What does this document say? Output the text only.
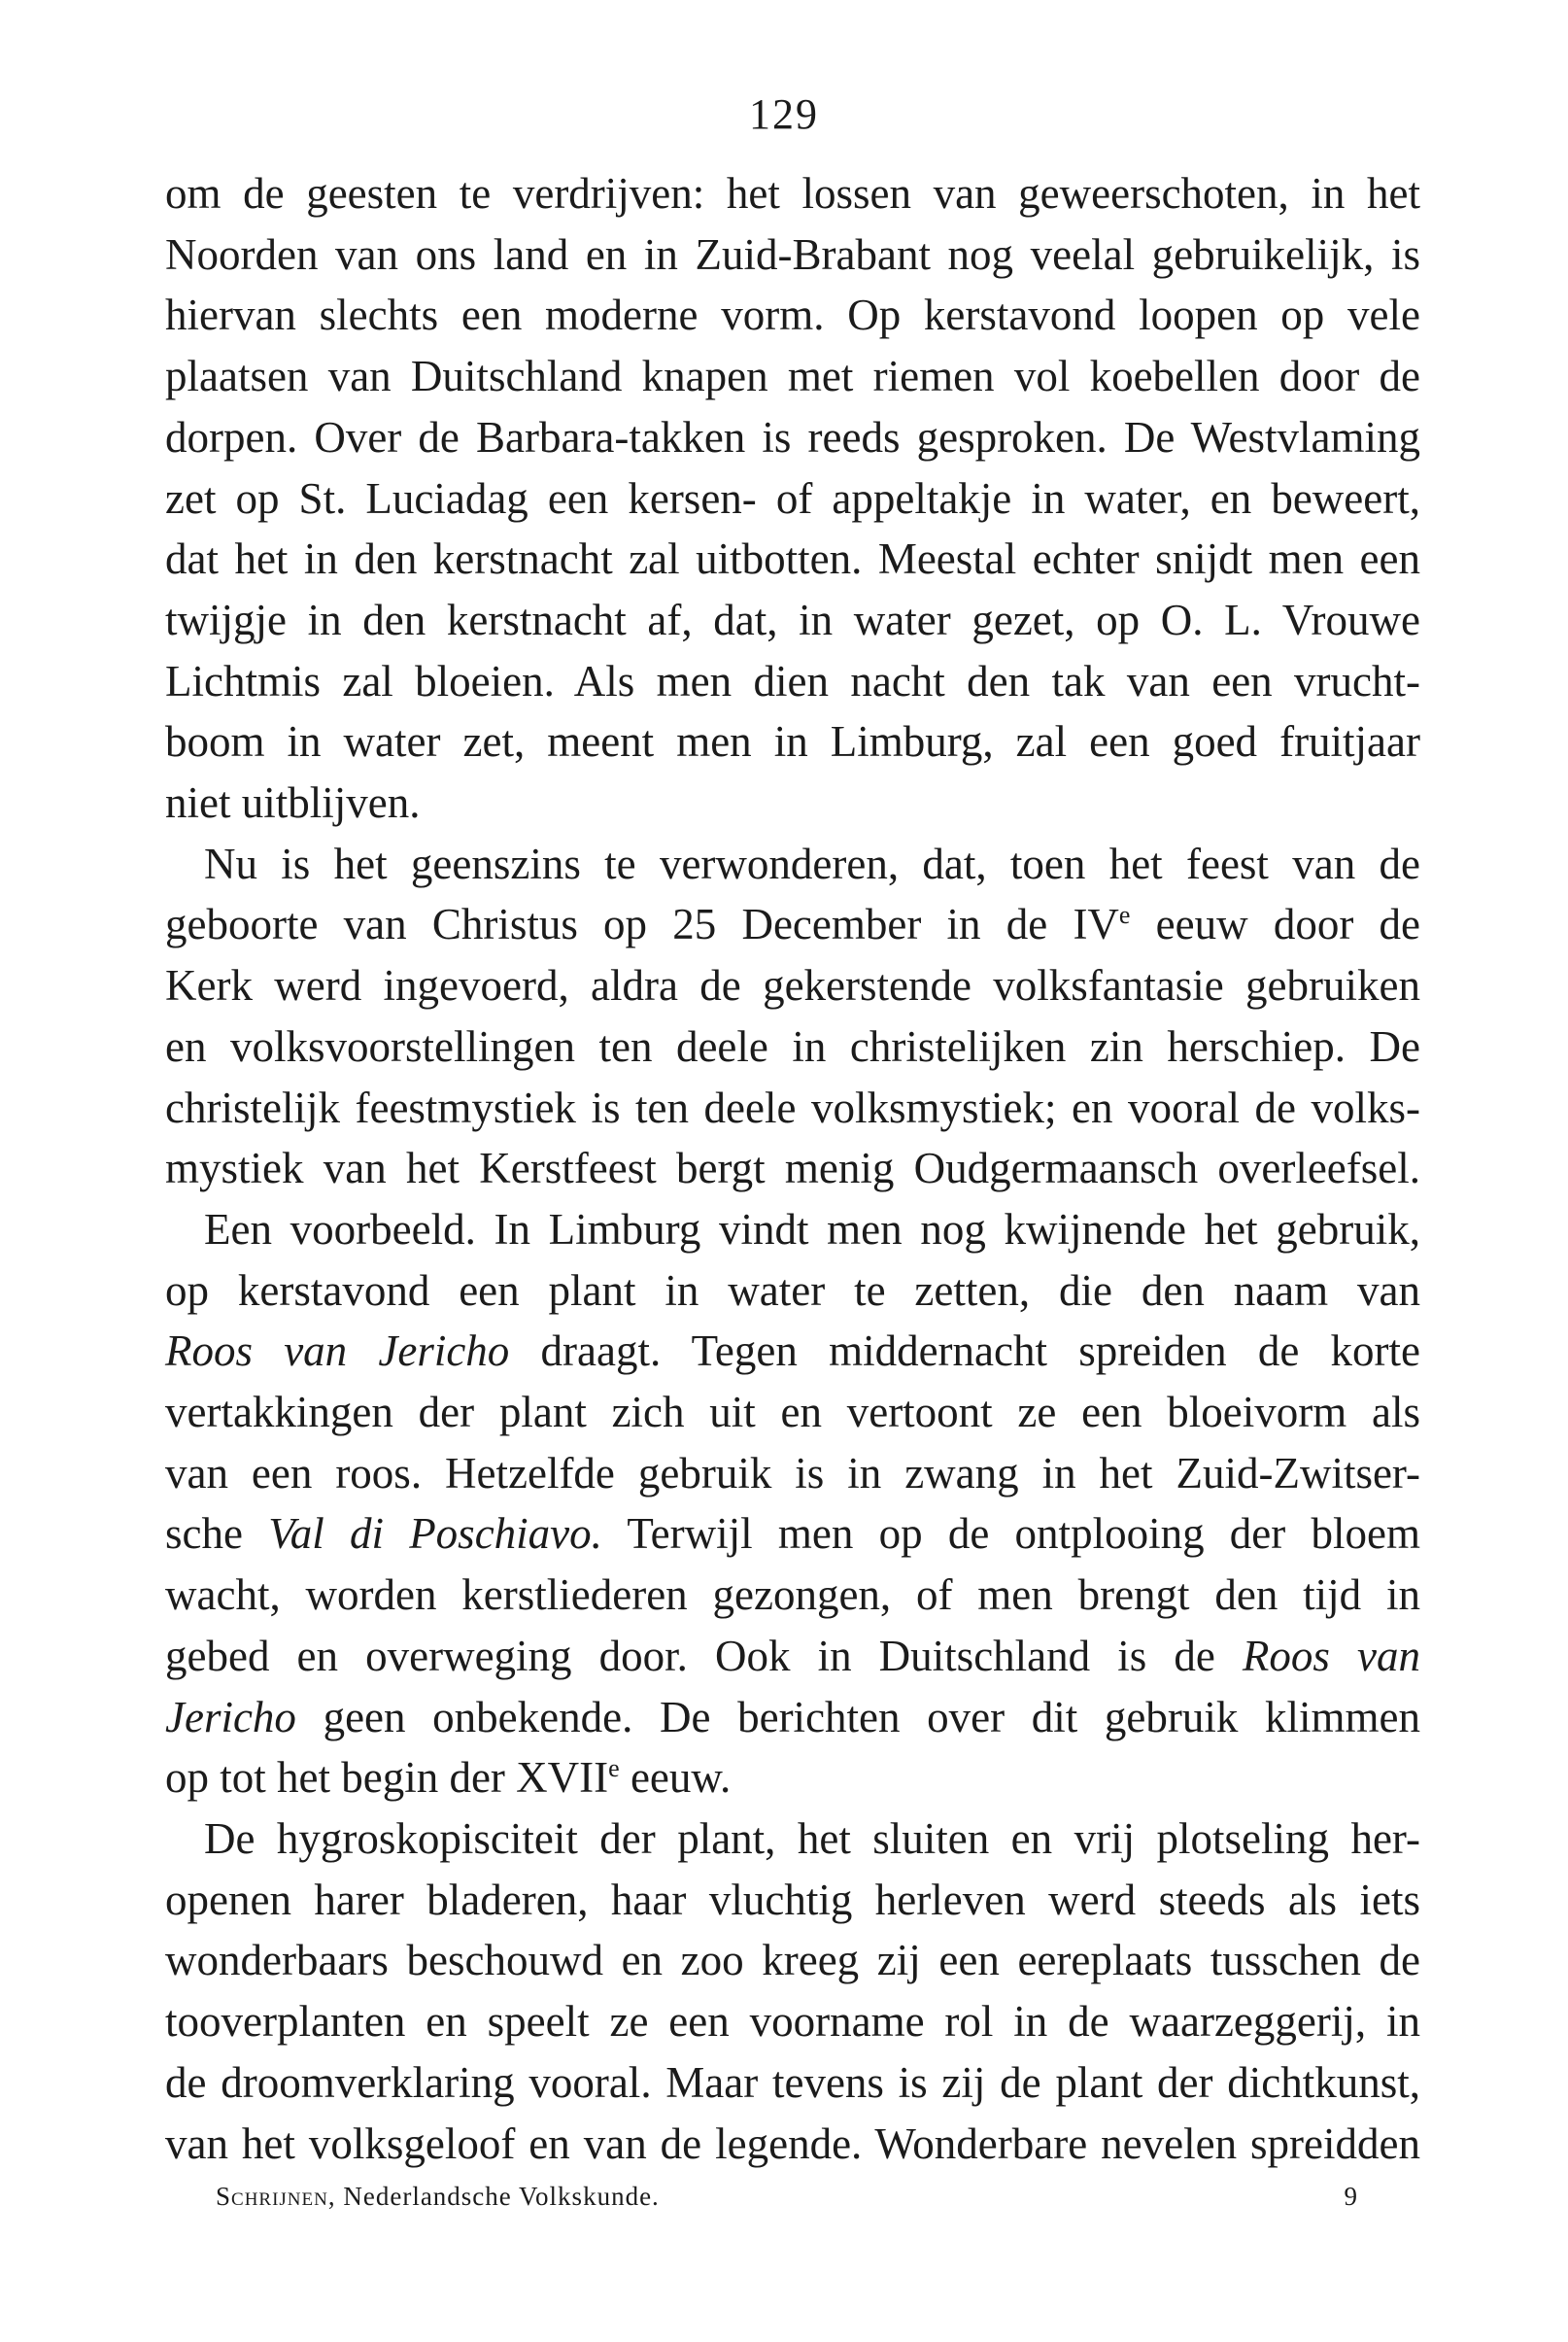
129
om de geesten te verdrijven: het lossen van geweerschoten, in het
Noorden van ons land en in Zuid-Brabant nog veelal gebruikelijk, is
hiervan slechts een moderne vorm. Op kerstavond loopen op vele
plaatsen van Duitschland knapen met riemen vol koebellen door de
dorpen. Over de Barbara-takken is reeds gesproken. De Westvlaming
zet op St. Luciadag een kersen- of appeltakje in water, en beweert,
dat het in den kerstnacht zal uitbotten. Meestal echter snijdt men een
twijgje in den kerstnacht af, dat, in water gezet, op O. L. Vrouwe
Lichtmis zal bloeien. Als men dien nacht den tak van een vrucht-
boom in water zet, meent men in Limburg, zal een goed fruitjaar
niet uitblijven.
Nu is het geenszins te verwonderen, dat, toen het feest van de
geboorte van Christus op 25 December in de IVe eeuw door de
Kerk werd ingevoerd, aldra de gekerstende volksfantasie gebruiken
en volksvoorstellingen ten deele in christelijken zin herschiep. De
christelijk feestmystiek is ten deele volksmystiek; en vooral de volks-
mystiek van het Kerstfeest bergt menig Oudgermaansch overleefsel.
Een voorbeeld. In Limburg vindt men nog kwijnende het gebruik,
op kerstavond een plant in water te zetten, die den naam van
Roos van Jericho draagt. Tegen middernacht spreiden de korte
vertakkingen der plant zich uit en vertoont ze een bloeivorm als
van een roos. Hetzelfde gebruik is in zwang in het Zuid-Zwitser-
sche Val di Poschiavo. Terwijl men op de ontplooing der bloem
wacht, worden kerstliederen gezongen, of men brengt den tijd in
gebed en overweging door. Ook in Duitschland is de Roos van
Jericho geen onbekende. De berichten over dit gebruik klimmen
op tot het begin der XVIIe eeuw.
De hygroskopisciteit der plant, het sluiten en vrij plotseling her-
openen harer bladeren, haar vluchtig herleven werd steeds als iets
wonderbaars beschouwd en zoo kreeg zij een eereplaats tusschen de
tooverplanten en speelt ze een voorname rol in de waarzeggerij, in
de droomverklaring vooral. Maar tevens is zij de plant der dichtkunst,
van het volksgeloof en van de legende. Wonderbare nevelen spreidden
Schrijnen, Nederlandsche Volkskunde.	9
